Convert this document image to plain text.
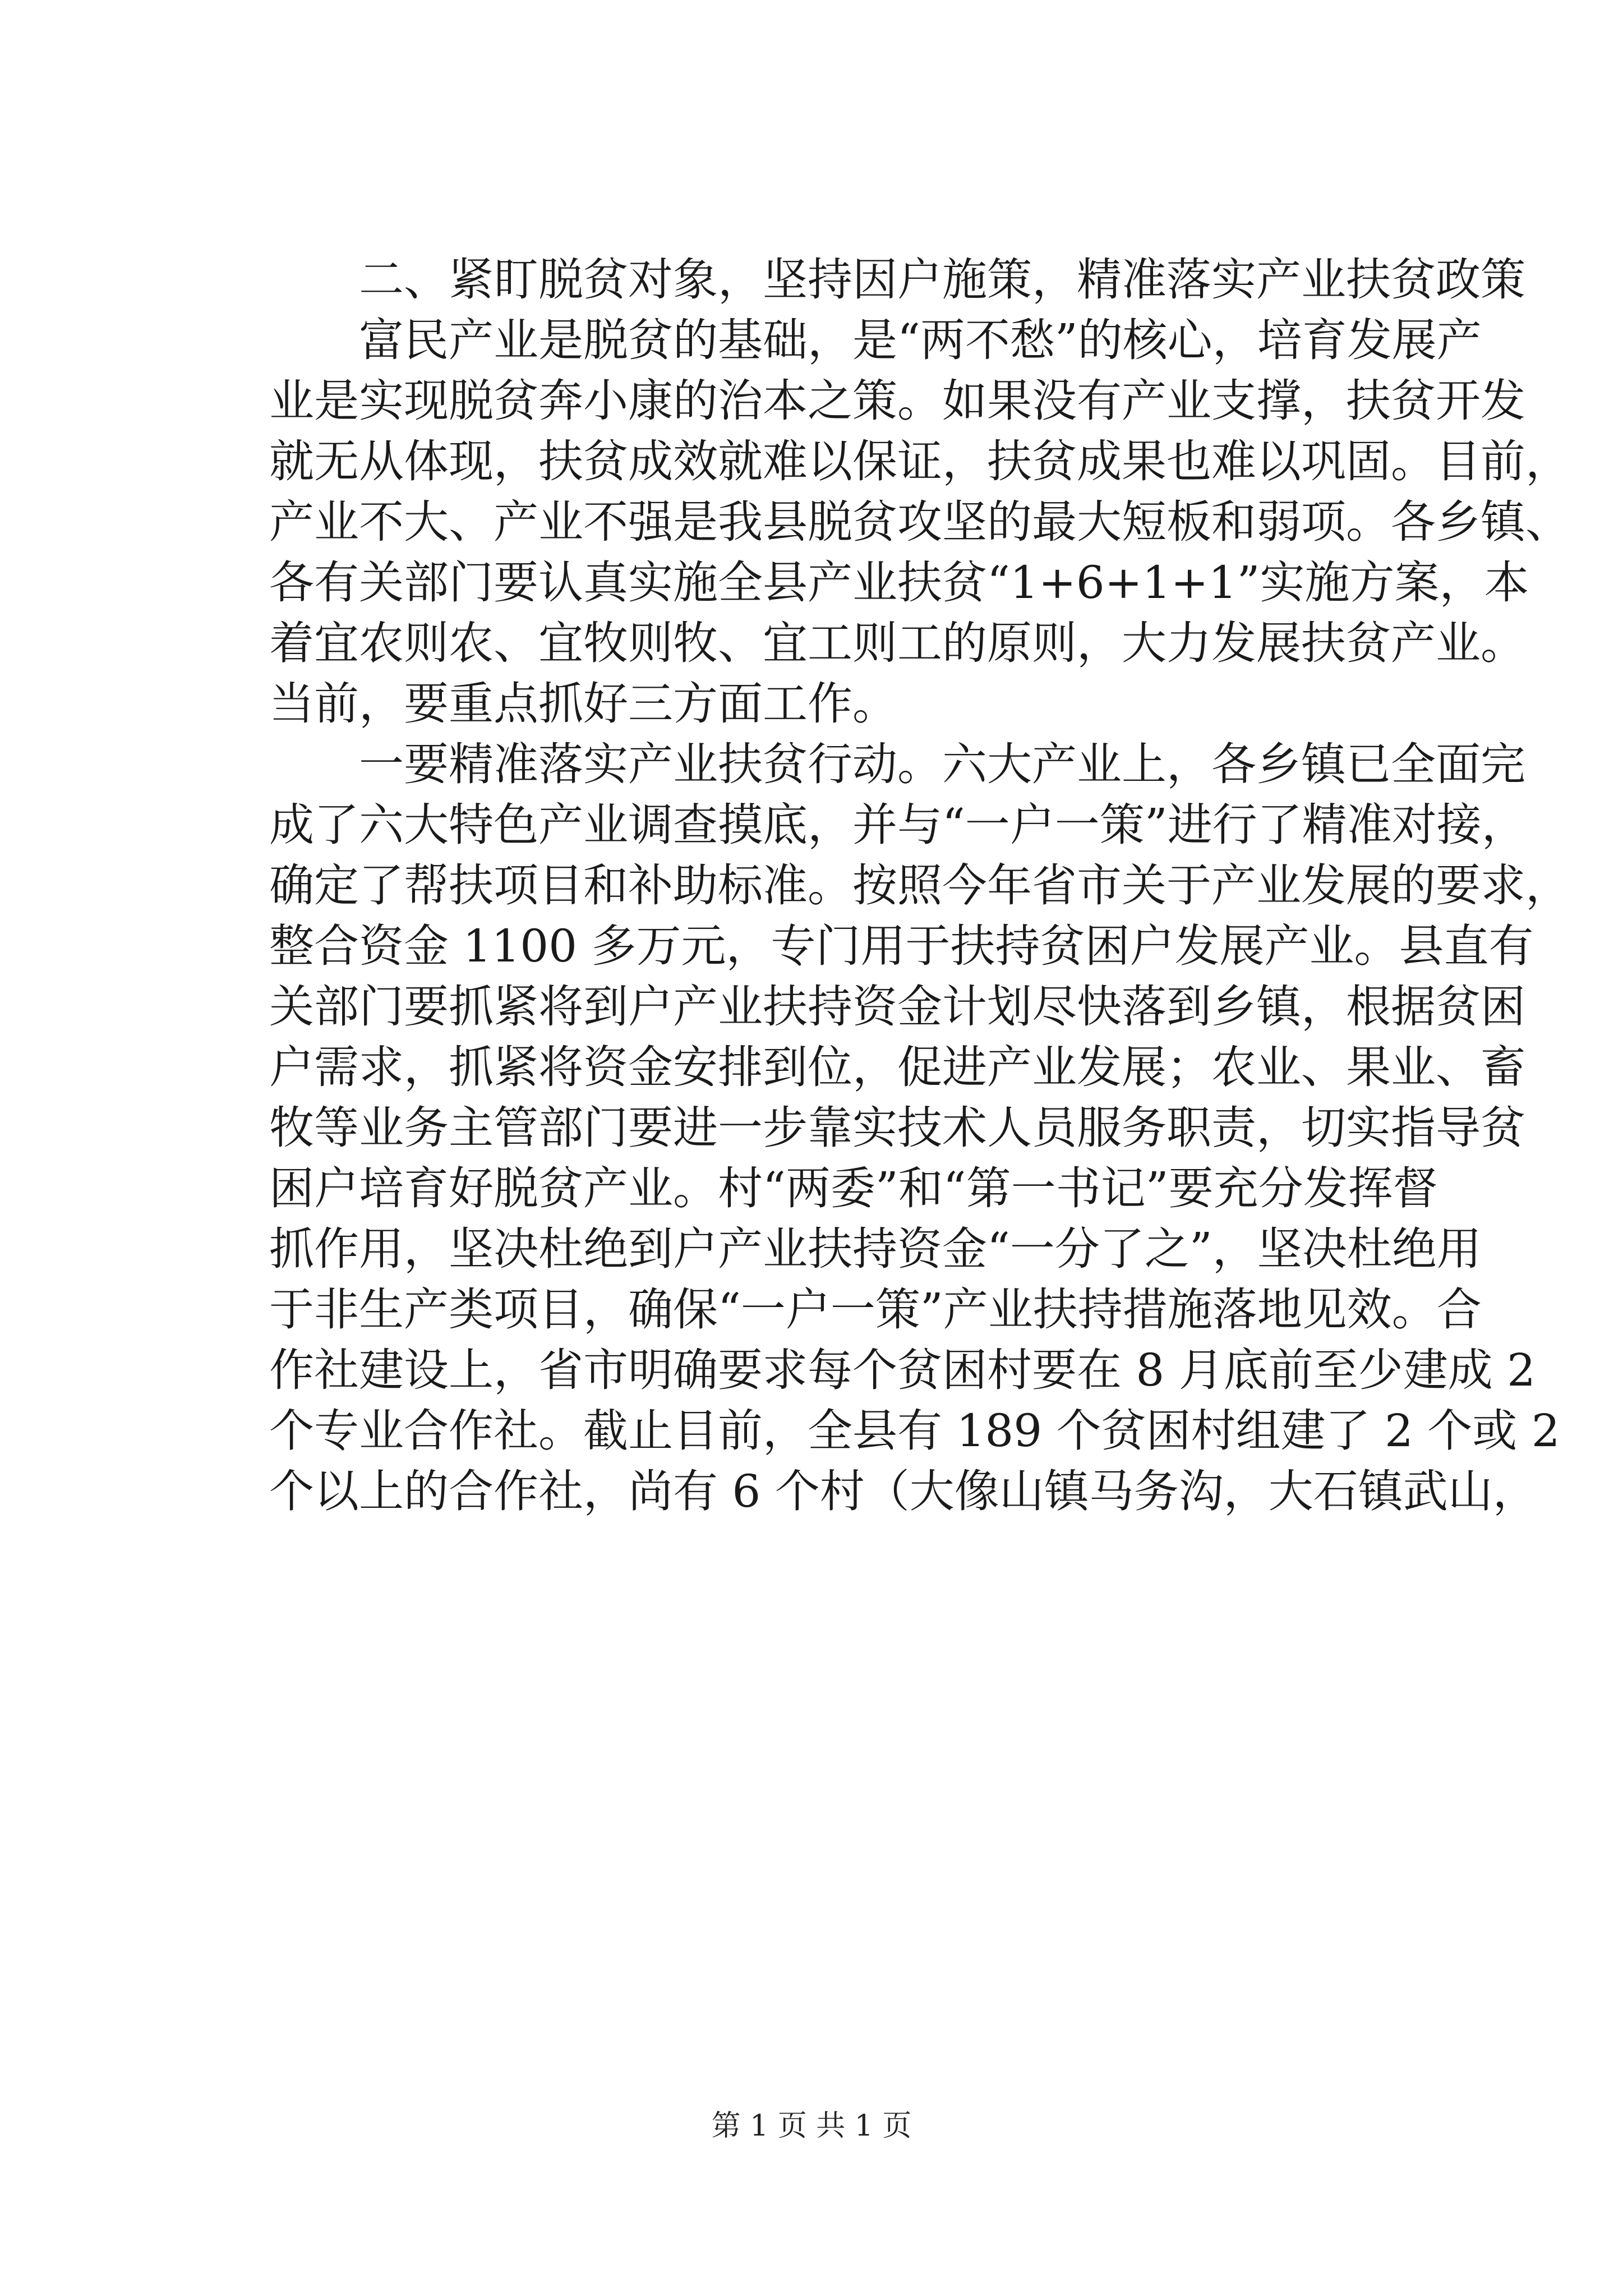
二、紧盯脱贫对象，坚持因户施策，精准落实产业扶贫政策
富民产业是脱贫的基础，是“两不愁”的核心，培育发展产
业是实现脱贫奔小康的治本之策。如果没有产业支撑，扶贫开发
就无从体现，扶贫成效就难以保证，扶贫成果也难以巩固。目前，
产业不大、产业不强是我县脱贫攻坚的最大短板和弱项。各乡镇、
各有关部门要认真实施全县产业扶贫“1+6+1+1”实施方案，本
着宜农则农、宜牧则牧、宜工则工的原则，大力发展扶贫产业。
当前，要重点抓好三方面工作。
一要精准落实产业扶贫行动。六大产业上，各乡镇已全面完
成了六大特色产业调查摸底，并与“一户一策”进行了精准对接，
确定了帮扶项目和补助标准。按照今年省市关于产业发展的要求，
整合资金 1100 多万元，专门用于扶持贫困户发展产业。县直有
关部门要抓紧将到户产业扶持资金计划尽快落到乡镇，根据贫困
户需求，抓紧将资金安排到位，促进产业发展；农业、果业、畜
牧等业务主管部门要进一步靠实技术人员服务职责，切实指导贫
困户培育好脱贫产业。村“两委”和“第一书记”要充分发挥督
抓作用，坚决杜绝到户产业扶持资金“一分了之”，坚决杜绝用
于非生产类项目，确保“一户一策”产业扶持措施落地见效。合
作社建设上，省市明确要求每个贫困村要在 8 月底前至少建成 2
个专业合作社。截止目前，全县有 189 个贫困村组建了 2 个或 2
个以上的合作社，尚有 6 个村（大像山镇马务沟，大石镇武山，
第 1 页 共 1 页
